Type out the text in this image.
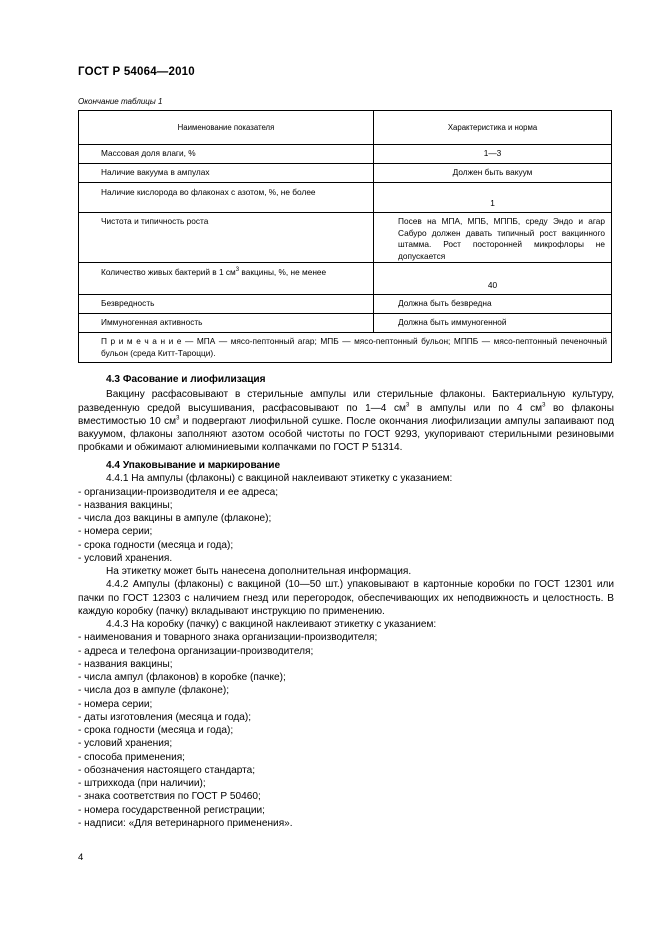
ГОСТ Р 54064—2010
Окончание таблицы 1
Наименование показателя	Характеристика и норма
Массовая доля влаги, %	1—3
Наличие вакуума в ампулах	Должен быть вакуум
Наличие кислорода во флаконах с азотом, %, не более	1
Чистота и типичность роста	Посев на МПА, МПБ, МППБ, среду Эндо и агар Сабуро должен давать типичный рост вакцинного штамма. Рост посторонней микрофлоры не допускается
Количество живых бактерий в 1 $см^3$ вакцины, %, не менее	40
Безвредность	Должна быть безвредна
Иммуногенная активность	Должна быть иммуногенной
П р и м е ч а н и е — МПА — мясо-пептонный агар; МПБ — мясо-пептонный бульон; МППБ — мясо-пептонный печеночный бульон (среда Китт-Тароцци).	

4.3 Фасование и лиофилизация

Вакцину расфасовывают в стерильные ампулы или стерильные флаконы. Бактериальную культуру, разведенную средой высушивания, расфасовывают по 1—4 $см^3$ в ампулы или по 4 $см^3$ во флаконы вместимостью 10 $см^3$ и подвергают лиофильной сушке. После окончания лиофилизации ампулы запаивают под вакуумом, флаконы заполняют азотом особой чистоты по ГОСТ 9293, укупоривают стерильными резиновыми пробками и обжимают алюминиевыми колпачками по ГОСТ Р 51314.

4.4 Упаковывание и маркирование

4.4.1 На ампулы (флаконы) с вакциной наклеивают этикетку с указанием:

- организации-производителя и ее адреса;

- названия вакцины;

- числа доз вакцины в ампуле (флаконе);

- номера серии;

- срока годности (месяца и года);

- условий хранения.

На этикетку может быть нанесена дополнительная информация.

4.4.2 Ампулы (флаконы) с вакциной (10—50 шт.) упаковывают в картонные коробки по ГОСТ 12301 или пачки по ГОСТ 12303 с наличием гнезд или перегородок, обеспечивающих их неподвижность и целостность. В каждую коробку (пачку) вкладывают инструкцию по применению.

4.4.3 На коробку (пачку) с вакциной наклеивают этикетку с указанием:

- наименования и товарного знака организации-производителя;

- адреса и телефона организации-производителя;

- названия вакцины;

- числа ампул (флаконов) в коробке (пачке);

- числа доз в ампуле (флаконе);

- номера серии;

- даты изготовления (месяца и года);

- срока годности (месяца и года);

- условий хранения;

- способа применения;

- обозначения настоящего стандарта;

- штрихкода (при наличии);

- знака соответствия по ГОСТ Р 50460;

- номера государственной регистрации;

- надписи: «Для ветеринарного применения».

4
